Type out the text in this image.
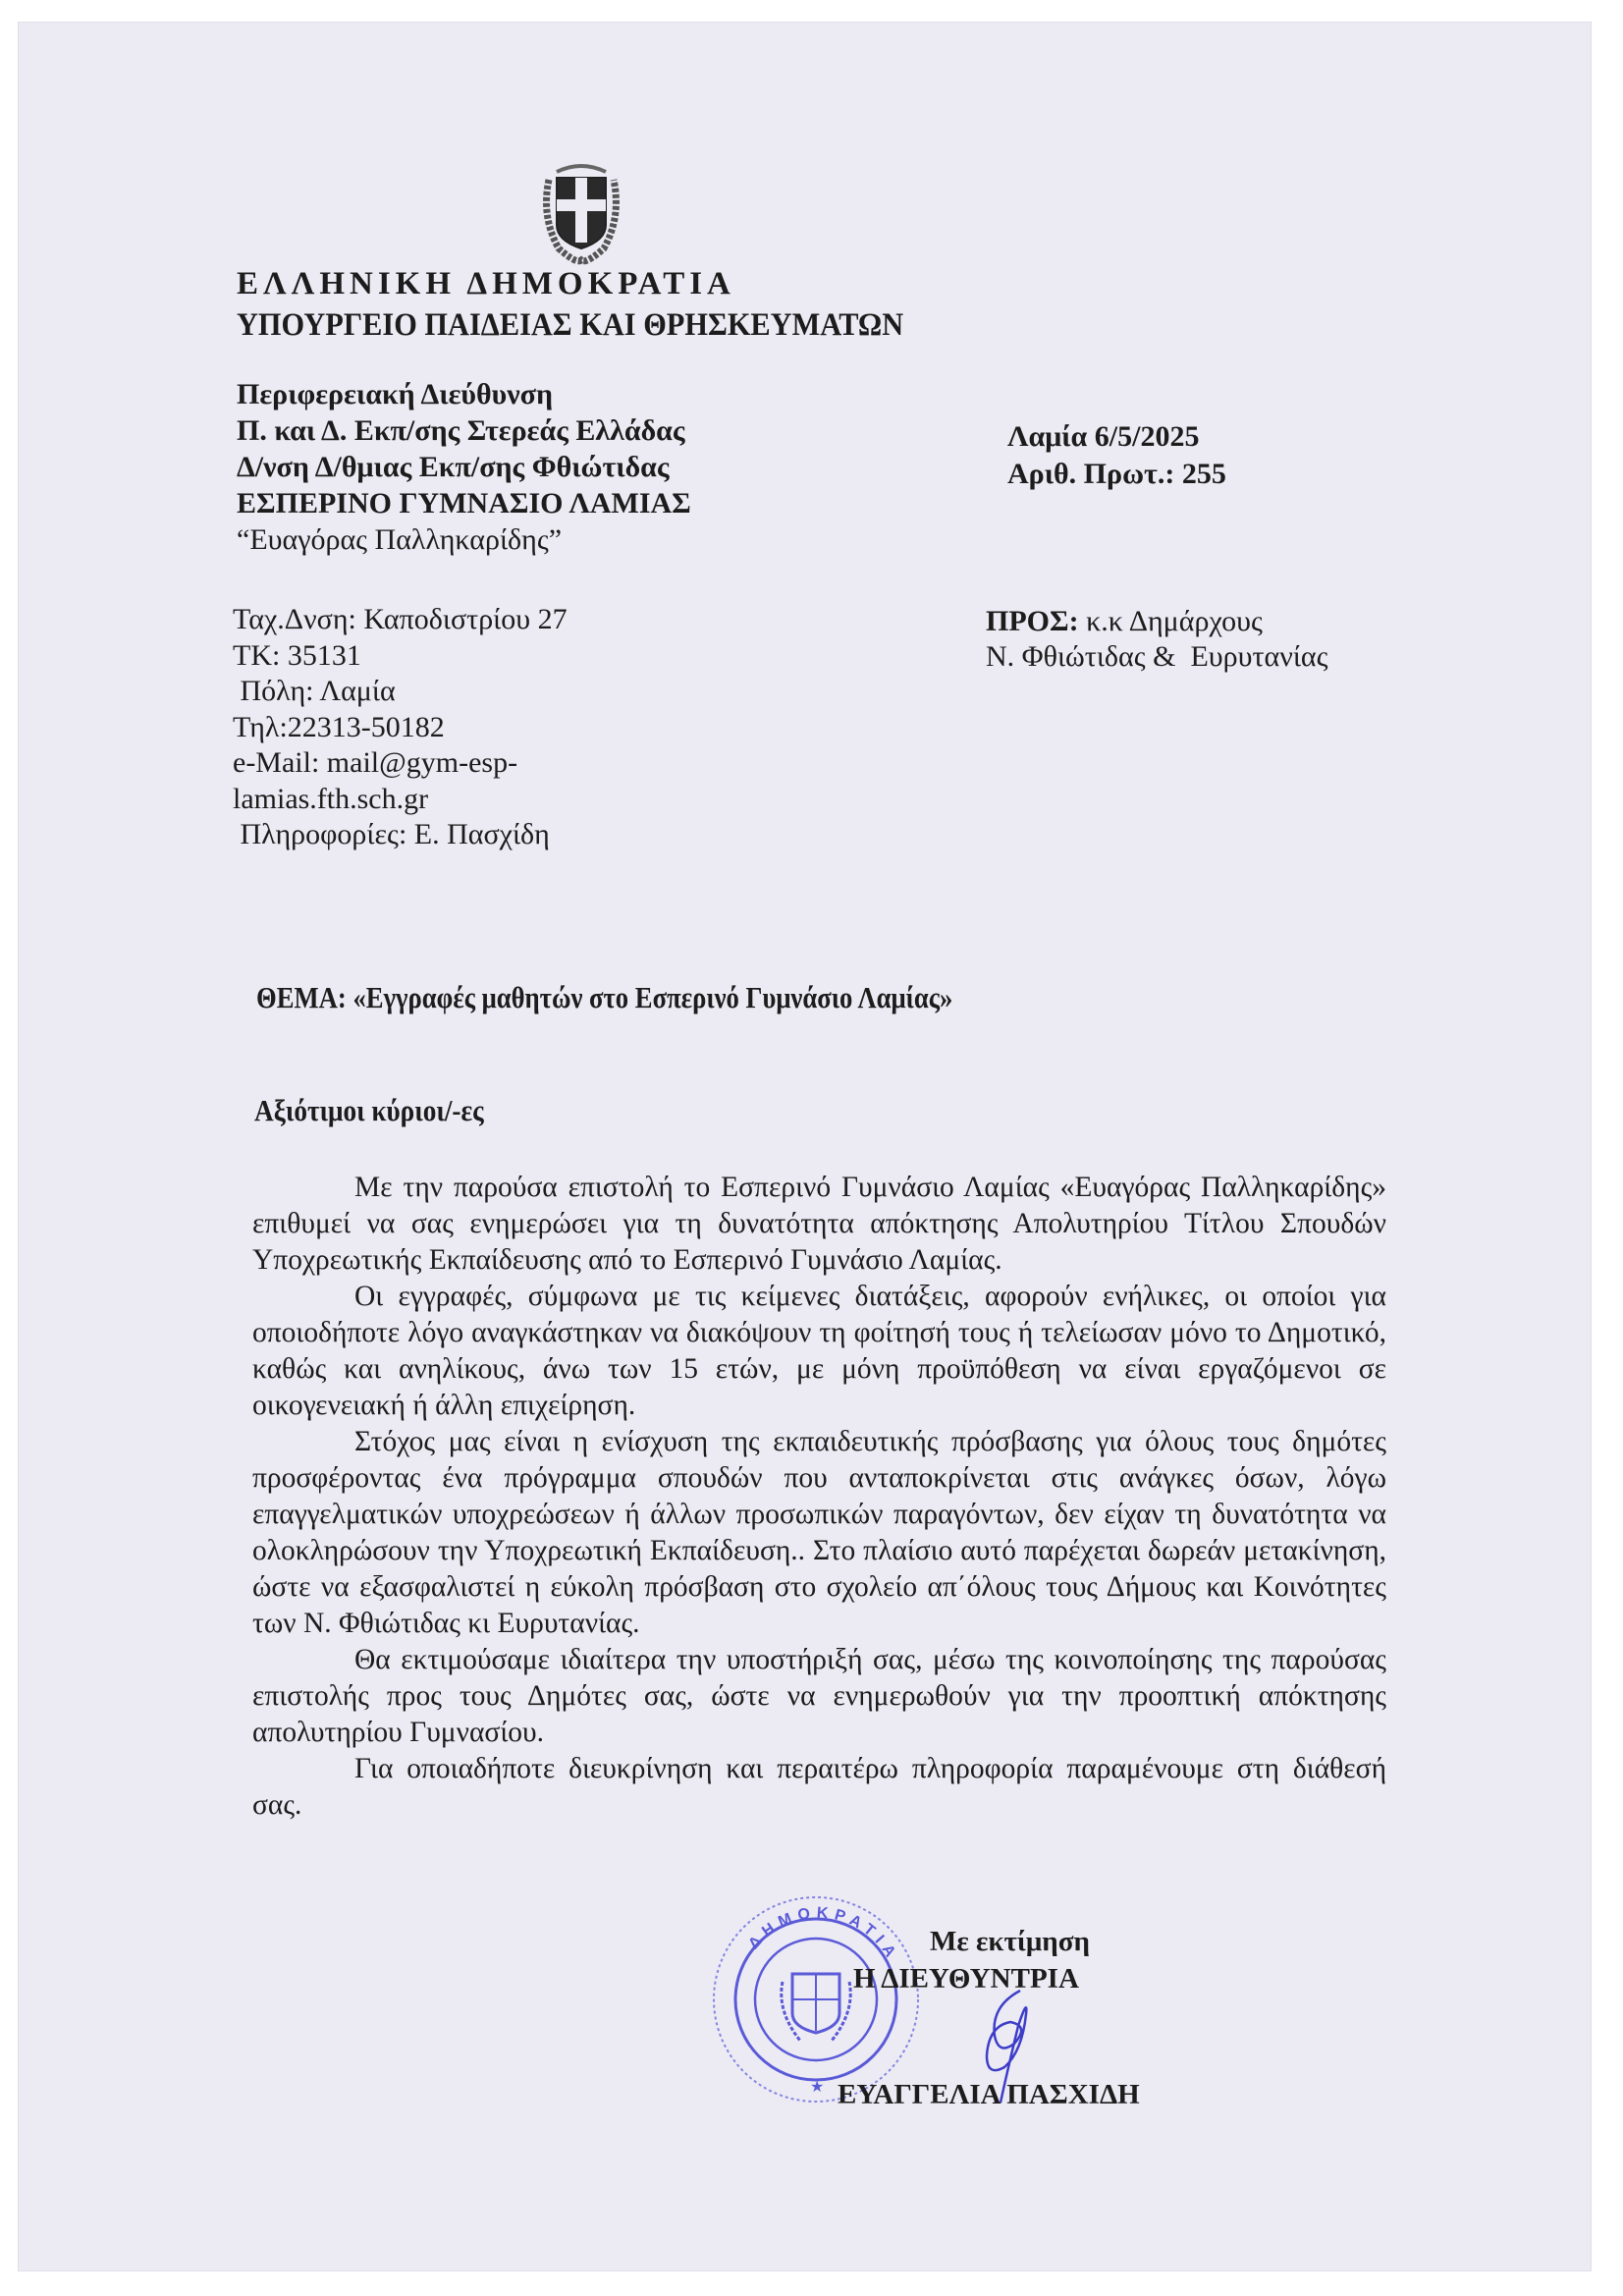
ΕΛΛΗΝΙΚΗ ΔΗΜΟΚΡΑΤΙΑ
ΥΠΟΥΡΓΕΙΟ ΠΑΙΔΕΙΑΣ ΚΑΙ ΘΡΗΣΚΕΥΜΑΤΩΝ
Περιφερειακή Διεύθυνση
Π. και Δ. Εκπ/σης Στερεάς Ελλάδας
Δ/νση Δ/θμιας Εκπ/σης Φθιώτιδας
ΕΣΠΕΡΙΝΟ ΓΥΜΝΑΣΙΟ ΛΑΜΙΑΣ
“Ευαγόρας Παλληκαρίδης”
Ταχ.Δνση: Καποδιστρίου 27
ΤΚ: 35131
Πόλη: Λαμία
Τηλ:22313-50182
e-Mail: mail@gym-esp-
lamias.fth.sch.gr
Πληροφορίες: Ε. Πασχίδη
Λαμία 6/5/2025
Αριθ. Πρωτ.: 255
ΠΡΟΣ: κ.κ Δημάρχους
Ν. Φθιώτιδας &  Ευρυτανίας
ΘΕΜΑ: «Εγγραφές μαθητών στο Εσπερινό Γυμνάσιο Λαμίας»
Αξιότιμοι κύριοι/-ες

Με την παρούσα επιστολή το Εσπερινό Γυμνάσιο Λαμίας «Ευαγόρας Παλληκαρίδης» επιθυμεί να σας ενημερώσει για τη δυνατότητα απόκτησης Απολυτηρίου Τίτλου Σπουδών Υποχρεωτικής Εκπαίδευσης από το Εσπερινό Γυμνάσιο Λαμίας.

Οι εγγραφές, σύμφωνα με τις κείμενες διατάξεις, αφορούν ενήλικες, οι οποίοι για οποιοδήποτε λόγο αναγκάστηκαν να διακόψουν τη φοίτησή τους ή τελείωσαν μόνο το Δημοτικό, καθώς και ανηλίκους, άνω των 15 ετών, με μόνη προϋπόθεση να είναι εργαζόμενοι σε οικογενειακή ή άλλη επιχείρηση.

Στόχος μας είναι η ενίσχυση της εκπαιδευτικής πρόσβασης για όλους τους δημότες προσφέροντας ένα πρόγραμμα σπουδών που ανταποκρίνεται στις ανάγκες όσων, λόγω επαγγελματικών υποχρεώσεων ή άλλων προσωπικών παραγόντων, δεν είχαν τη δυνατότητα να ολοκληρώσουν την Υποχρεωτική Εκπαίδευση.. Στο πλαίσιο αυτό παρέχεται δωρεάν μετακίνηση, ώστε να εξασφαλιστεί η εύκολη πρόσβαση στο σχολείο απ΄όλους τους Δήμους και Κοινότητες των Ν. Φθιώτιδας κι Ευρυτανίας.

Θα εκτιμούσαμε ιδιαίτερα την υποστήριξή σας, μέσω της κοινοποίησης της παρούσας επιστολής προς τους Δημότες σας, ώστε να ενημερωθούν για την προοπτική απόκτησης απολυτηρίου Γυμνασίου.

Για οποιαδήποτε διευκρίνηση και περαιτέρω πληροφορία παραμένουμε στη διάθεσή σας.

ΔΗΜΟΚΡΑΤΙΑ
★
Με εκτίμηση
Η ΔΙΕΥΘΥΝΤΡΙΑ
ΕΥΑΓΓΕΛΙΑ ΠΑΣΧΙΔΗ
